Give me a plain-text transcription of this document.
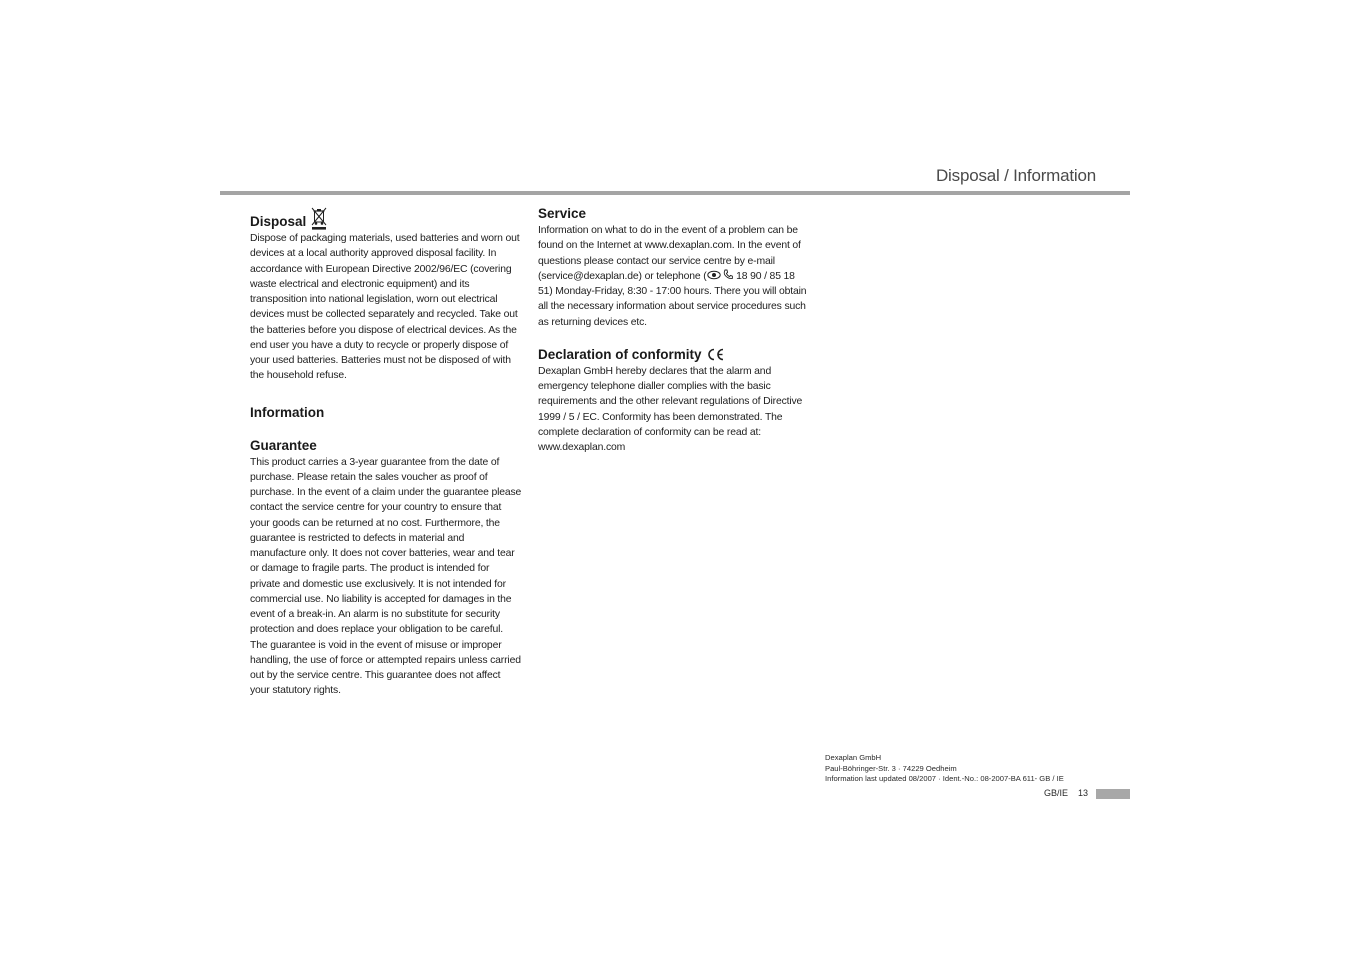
Disposal / Information
Disposal

Dispose of packaging materials, used batteries and worn out devices at a local authority approved disposal facility. In accordance with European Directive 2002/96/EC (covering waste electrical and electronic equipment) and its transposition into national legislation, worn out electrical devices must be collected separately and recycled. Take out the batteries before you dispose of electrical devices. As the end user you have a duty to recycle or properly dispose of your used batteries. Batteries must not be disposed of with the household refuse.

Information
Guarantee

This product carries a 3-year guarantee from the date of purchase. Please retain the sales voucher as proof of purchase. In the event of a claim under the guarantee please contact the service centre for your country to ensure that your goods can be returned at no cost. Furthermore, the guarantee is restricted to defects in material and manufacture only. It does not cover batteries, wear and tear or damage to fragile parts. The product is intended for private and domestic use exclusively. It is not intended for commercial use. No liability is accepted for damages in the event of a break-in. An alarm is no substitute for security protection and does replace your obligation to be careful. The guarantee is void in the event of misuse or improper handling, the use of force or attempted repairs unless carried out by the service centre. This guarantee does not affect your statutory rights.

Service

Information on what to do in the event of a problem can be found on the Internet at www.dexaplan.com. In the event of questions please contact our service centre by e-mail (service@dexaplan.de) or telephone (	18 90 / 85 18 51) Monday-Friday, 8:30 - 17:00 hours. There you will obtain all the necessary information about service procedures such as returning devices etc.

Declaration of conformity

Dexaplan GmbH hereby declares that the alarm and emergency telephone dialler complies with the basic requirements and the other relevant regulations of Directive 1999 / 5 / EC. Conformity has been demonstrated. The complete declaration of conformity can be read at: www.dexaplan.com

Dexaplan GmbH
Paul-Böhringer-Str. 3 · 74229 Oedheim
Information last updated 08/2007 · Ident.-No.: 08-2007-BA 611- GB / IE
GB/IE 13
